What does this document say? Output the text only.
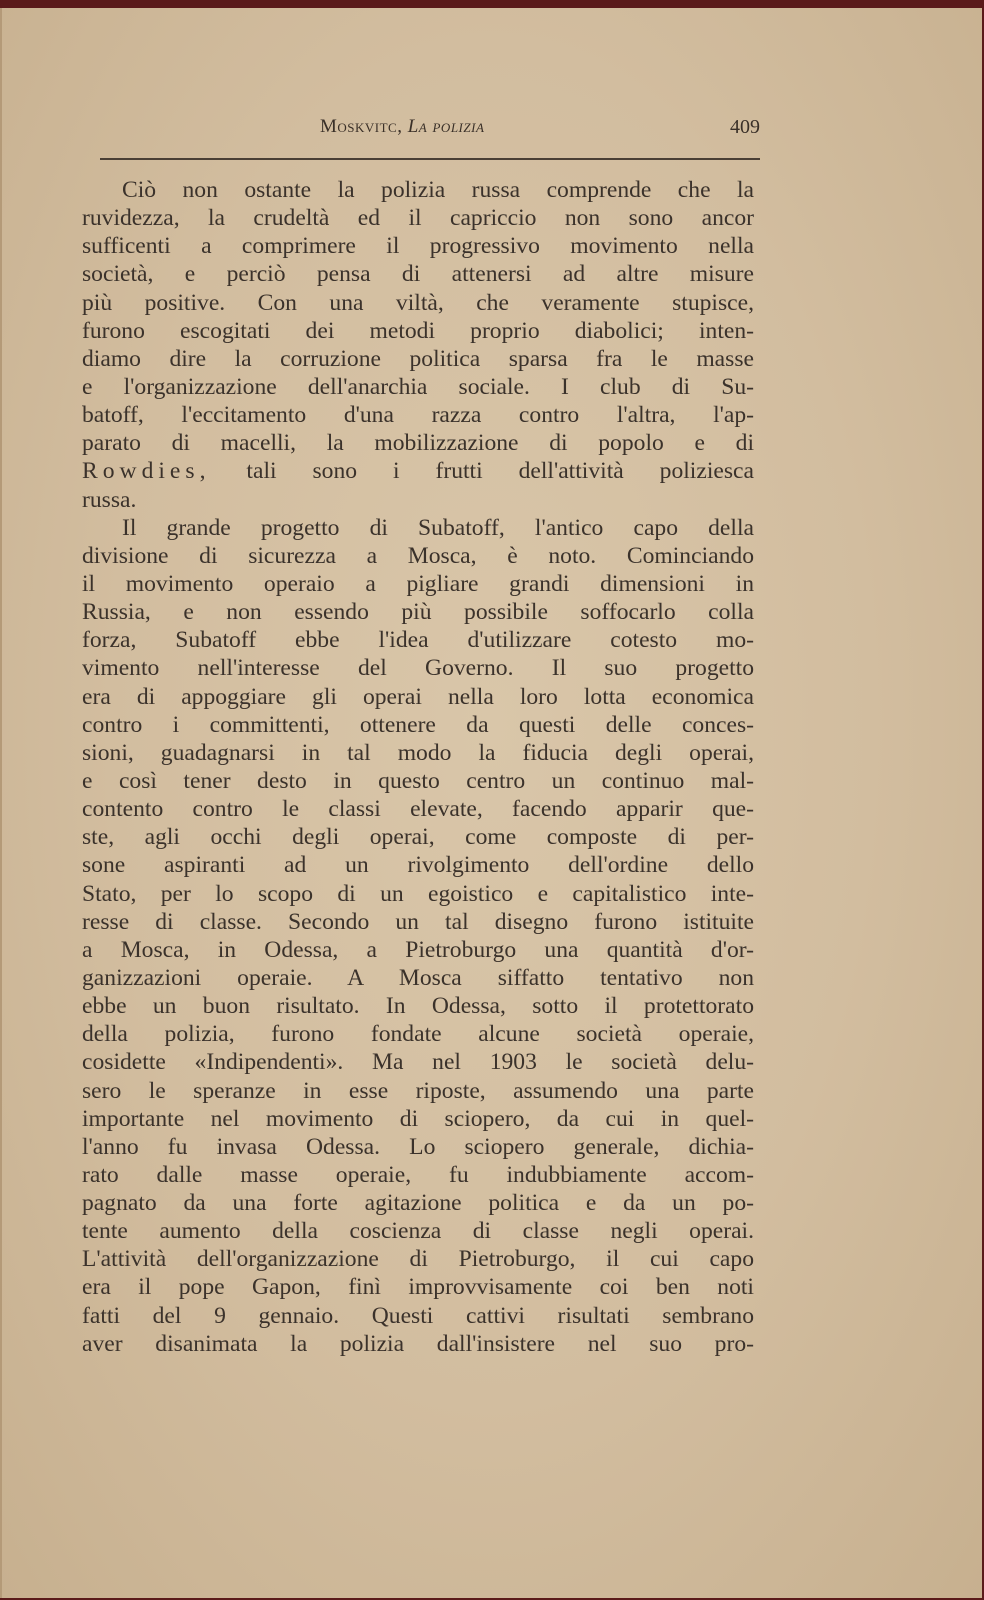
Moskvitc, La polizia	409
Ciò non ostante la polizia russa comprende che la
ruvidezza, la crudeltà ed il capriccio non sono ancor
sufficenti a comprimere il progressivo movimento nella
società, e perciò pensa di attenersi ad altre misure
più positive. Con una viltà, che veramente stupisce,
furono escogitati dei metodi proprio diabolici; inten-
diamo dire la corruzione politica sparsa fra le masse
e l'organizzazione dell'anarchia sociale. I club di Su-
batoff, l'eccitamento d'una razza contro l'altra, l'ap-
parato di macelli, la mobilizzazione di popolo e di
Rowdies, tali sono i frutti dell'attività poliziesca
russa.
Il grande progetto di Subatoff, l'antico capo della
divisione di sicurezza a Mosca, è noto. Cominciando
il movimento operaio a pigliare grandi dimensioni in
Russia, e non essendo più possibile soffocarlo colla
forza, Subatoff ebbe l'idea d'utilizzare cotesto mo-
vimento nell'interesse del Governo. Il suo progetto
era di appoggiare gli operai nella loro lotta economica
contro i committenti, ottenere da questi delle conces-
sioni, guadagnarsi in tal modo la fiducia degli operai,
e così tener desto in questo centro un continuo mal-
contento contro le classi elevate, facendo apparir que-
ste, agli occhi degli operai, come composte di per-
sone aspiranti ad un rivolgimento dell'ordine dello
Stato, per lo scopo di un egoistico e capitalistico inte-
resse di classe. Secondo un tal disegno furono istituite
a Mosca, in Odessa, a Pietroburgo una quantità d'or-
ganizzazioni operaie. A Mosca siffatto tentativo non
ebbe un buon risultato. In Odessa, sotto il protettorato
della polizia, furono fondate alcune società operaie,
cosidette «Indipendenti». Ma nel 1903 le società delu-
sero le speranze in esse riposte, assumendo una parte
importante nel movimento di sciopero, da cui in quel-
l'anno fu invasa Odessa. Lo sciopero generale, dichia-
rato dalle masse operaie, fu indubbiamente accom-
pagnato da una forte agitazione politica e da un po-
tente aumento della coscienza di classe negli operai.
L'attività dell'organizzazione di Pietroburgo, il cui capo
era il pope Gapon, finì improvvisamente coi ben noti
fatti del 9 gennaio. Questi cattivi risultati sembrano
aver disanimata la polizia dall'insistere nel suo pro-
